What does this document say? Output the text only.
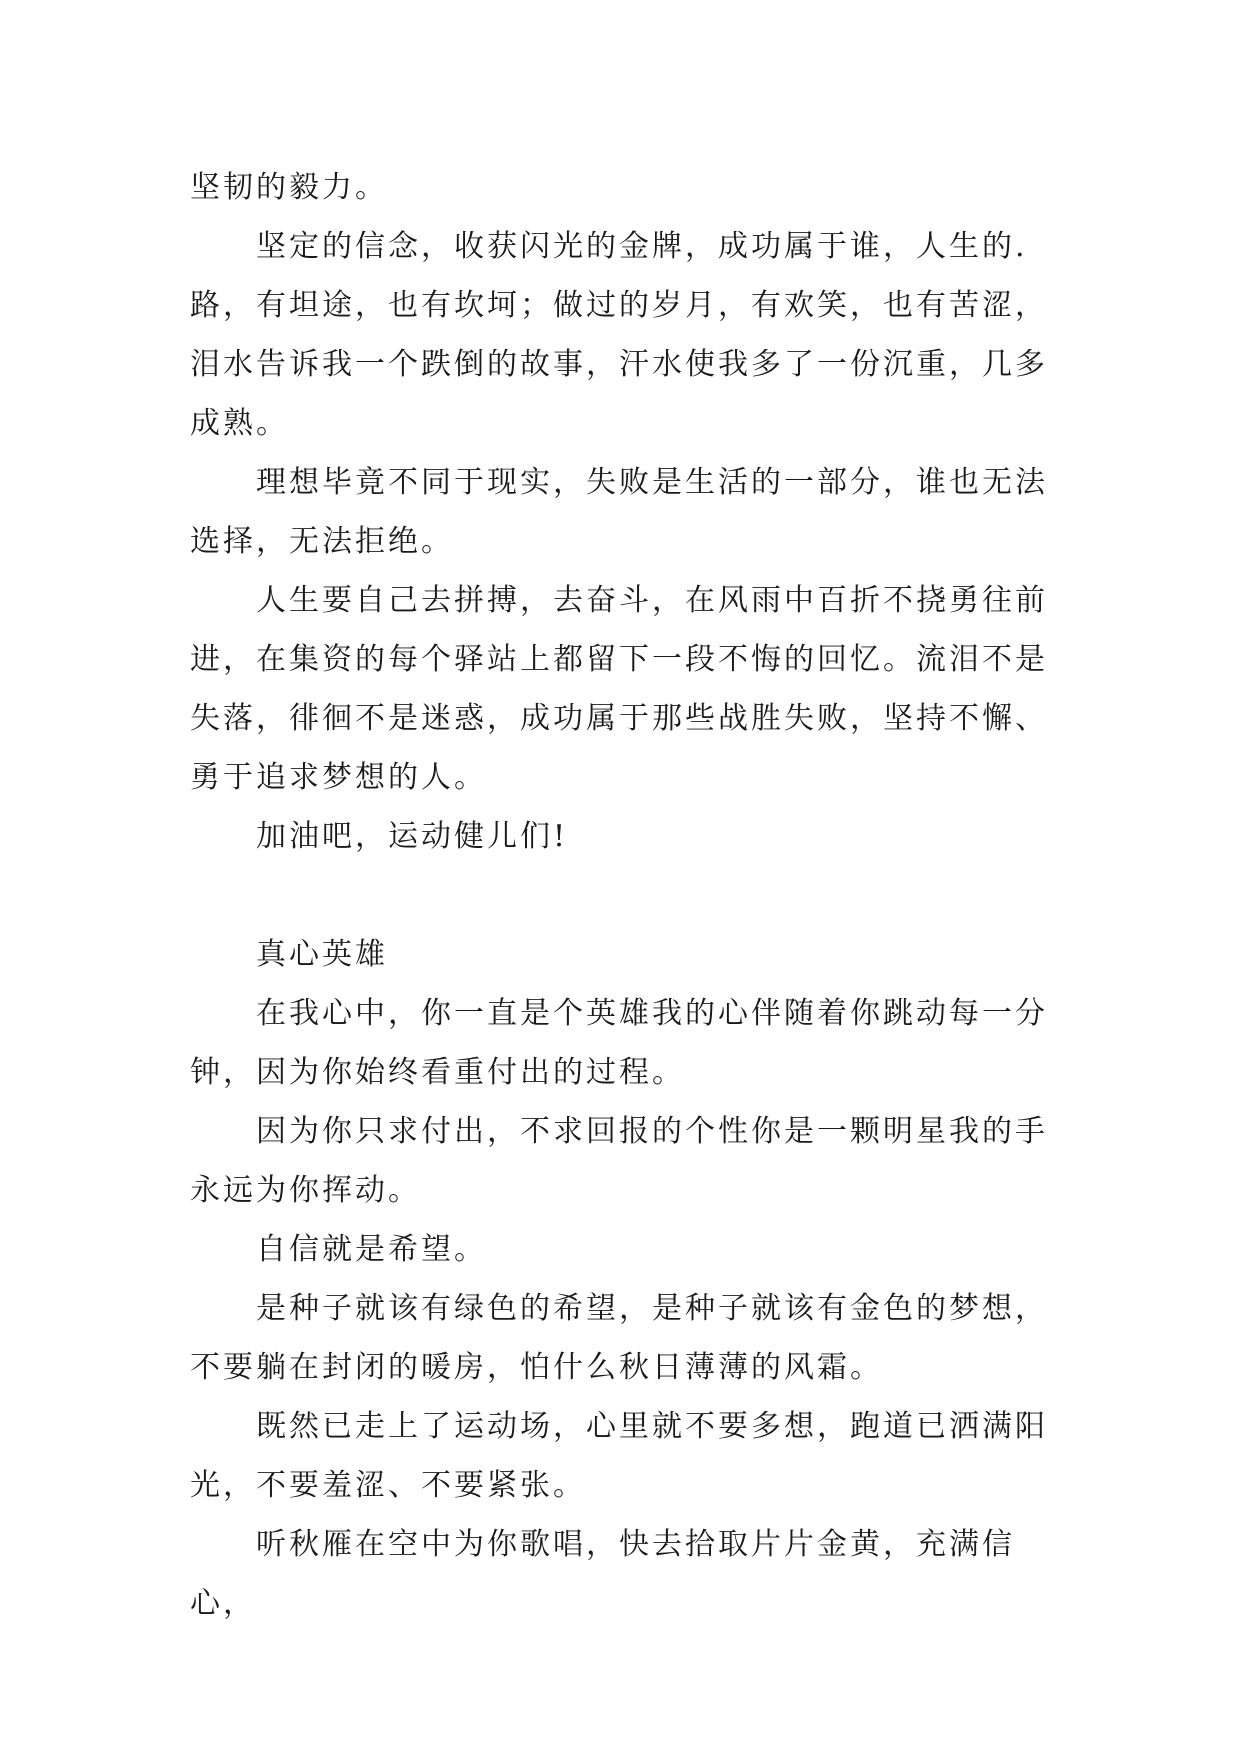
坚韧的毅力。

坚定的信念，收获闪光的金牌，成功属于谁，人生的.路，有坦途，也有坎坷；做过的岁月，有欢笑，也有苦涩，泪水告诉我一个跌倒的故事，汗水使我多了一份沉重，几多成熟。

理想毕竟不同于现实，失败是生活的一部分，谁也无法选择，无法拒绝。

人生要自己去拼搏，去奋斗，在风雨中百折不挠勇往前进，在集资的每个驿站上都留下一段不悔的回忆。流泪不是失落，徘徊不是迷惑，成功属于那些战胜失败，坚持不懈、勇于追求梦想的人。

加油吧，运动健儿们!

真心英雄

在我心中，你一直是个英雄我的心伴随着你跳动每一分钟，因为你始终看重付出的过程。

因为你只求付出，不求回报的个性你是一颗明星我的手永远为你挥动。

自信就是希望。

是种子就该有绿色的希望，是种子就该有金色的梦想，不要躺在封闭的暖房，怕什么秋日薄薄的风霜。

既然已走上了运动场，心里就不要多想，跑道已洒满阳光，不要羞涩、不要紧张。

听秋雁在空中为你歌唱，快去拾取片片金黄，充满信心，
